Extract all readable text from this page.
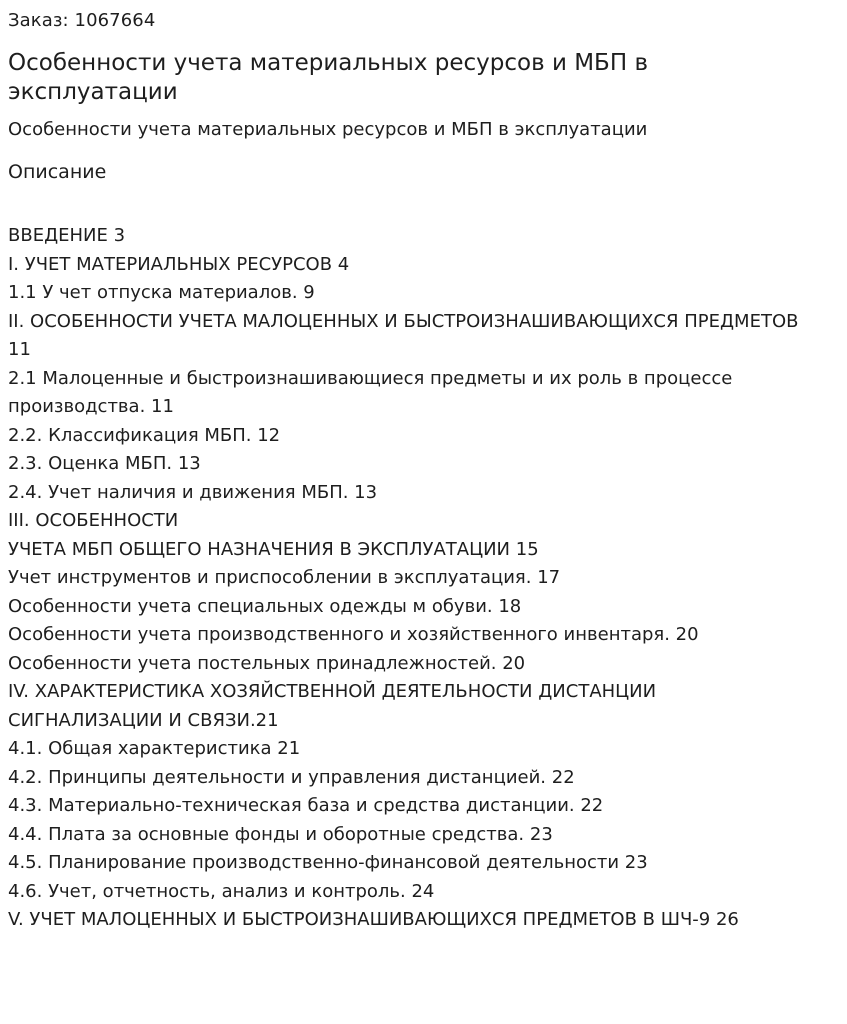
Заказ: 1067664

Особенности учета материальных ресурсов и МБП в эксплуатации

Особенности учета материальных ресурсов и МБП в эксплуатации

Описание
ВВЕДЕНИЕ 3
I. УЧЕТ МАТЕРИАЛЬНЫХ РЕСУРСОВ 4
1.1 У чет отпуска материалов. 9
II. ОСОБЕННОСТИ УЧЕТА МАЛОЦЕННЫХ И БЫСТРОИЗНАШИВАЮЩИХСЯ ПРЕДМЕТОВ 11
2.1 Малоценные и быстроизнашивающиеся предметы и их роль в процессе производства. 11
2.2. Классификация МБП. 12
2.3. Оценка МБП. 13
2.4. Учет наличия и движения МБП. 13
III. ОСОБЕННОСТИ
УЧЕТА МБП ОБЩЕГО НАЗНАЧЕНИЯ В ЭКСПЛУАТАЦИИ 15
Учет инструментов и приспособлении в эксплуатация. 17
Особенности учета специальных одежды м обуви. 18
Особенности учета производственного и хозяйственного инвентаря. 20
Особенности учета постельных принадлежностей. 20
IV. ХАРАКТЕРИСТИКА ХОЗЯЙСТВЕННОЙ ДЕЯТЕЛЬНОСТИ ДИСТАНЦИИ СИГНАЛИЗАЦИИ И СВЯЗИ.21
4.1. Общая характеристика 21
4.2. Принципы деятельности и управления дистанцией. 22
4.3. Материально-техническая база и средства дистанции. 22
4.4. Плата за основные фонды и оборотные средства. 23
4.5. Планирование производственно-финансовой деятельности 23
4.6. Учет, отчетность, анализ и контроль. 24
V. УЧЕТ МАЛОЦЕННЫХ И БЫСТРОИЗНАШИВАЮЩИХСЯ ПРЕДМЕТОВ В ШЧ-9 26
